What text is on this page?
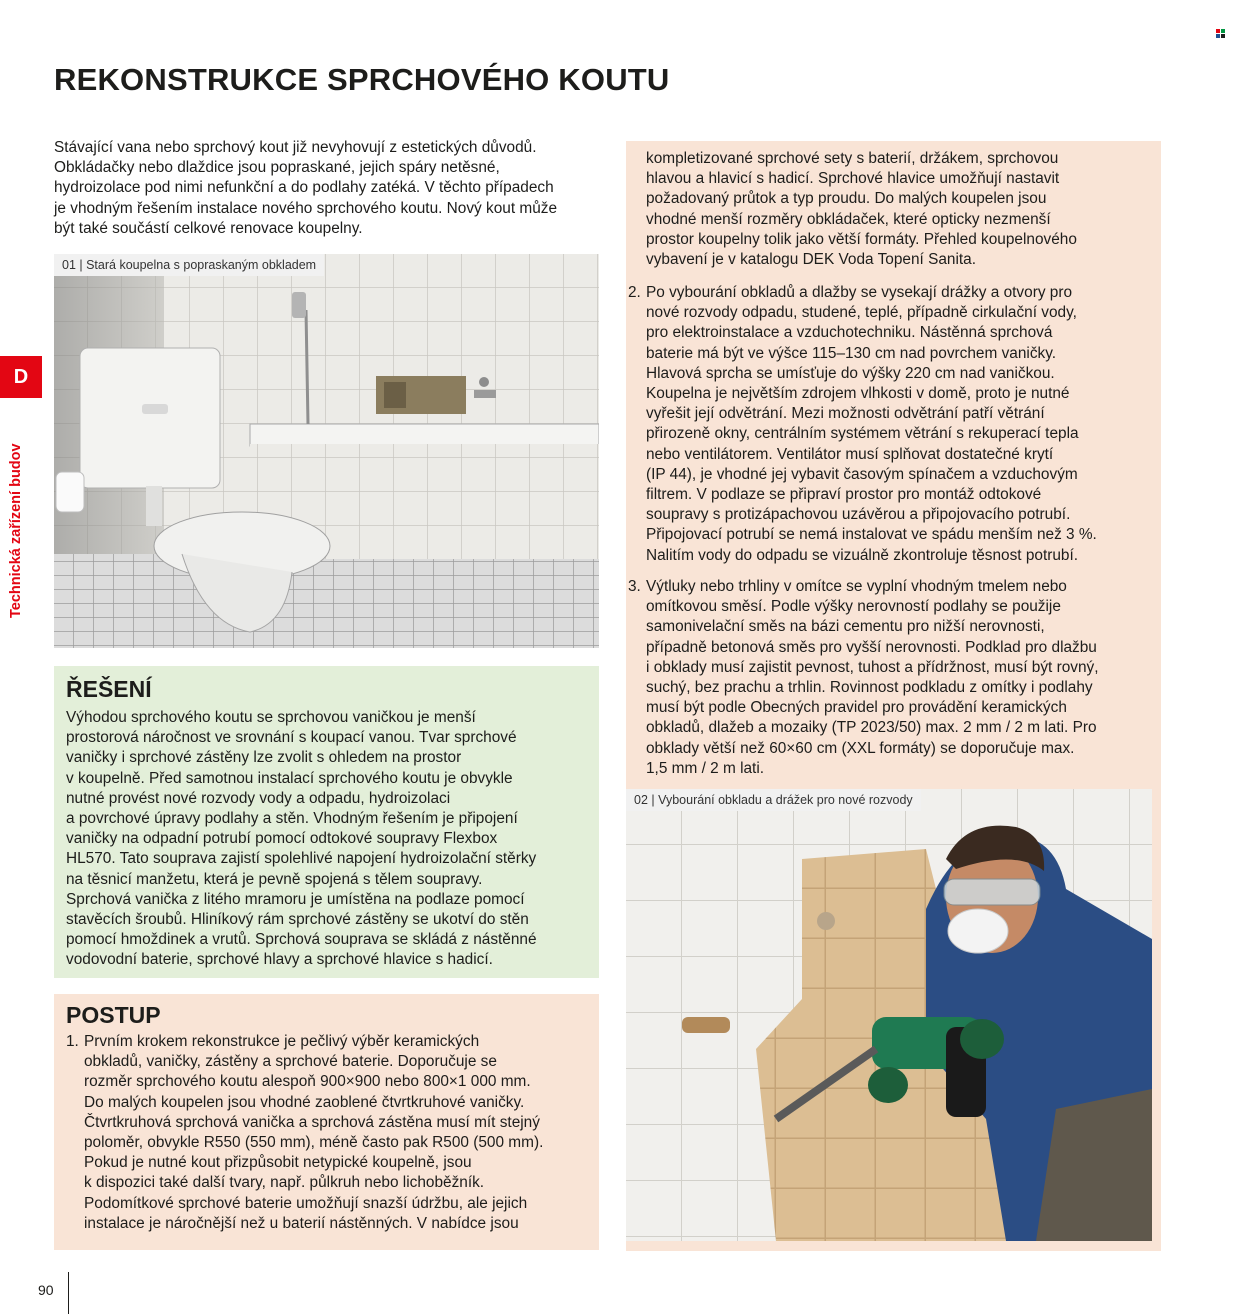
REKONSTRUKCE SPRCHOVÉHO KOUTU
D
Technická zařízení budov

Stávající vana nebo sprchový kout již nevyhovují z estetických důvodů.
Obkládačky nebo dlaždice jsou popraskané, jejich spáry netěsné,
hydroizolace pod nimi nefunkční a do podlahy zatéká. V těchto případech
je vhodným řešením instalace nového sprchového koutu. Nový kout může
být také součástí celkové renovace koupelny.

01 | Stará koupelna s popraskaným obkladem
ŘEŠENÍ
Výhodou sprchového koutu se sprchovou vaničkou je menší
prostorová náročnost ve srovnání s koupací vanou. Tvar sprchové
vaničky i sprchové zástěny lze zvolit s ohledem na prostor
v koupelně. Před samotnou instalací sprchového koutu je obvykle
nutné provést nové rozvody vody a odpadu, hydroizolaci
a povrchové úpravy podlahy a stěn. Vhodným řešením je připojení
vaničky na odpadní potrubí pomocí odtokové soupravy Flexbox
HL570. Tato souprava zajistí spolehlivé napojení hydroizolační stěrky
na těsnicí manžetu, která je pevně spojená s tělem soupravy.
Sprchová vanička z litého mramoru je umístěna na podlaze pomocí
stavěcích šroubů. Hliníkový rám sprchové zástěny se ukotví do stěn
pomocí hmoždinek a vrutů. Sprchová souprava se skládá z nástěnné
vodovodní baterie, sprchové hlavy a sprchové hlavice s hadicí.
POSTUP
1. Prvním krokem rekonstrukce je pečlivý výběr keramických
obkladů, vaničky, zástěny a sprchové baterie. Doporučuje se
rozměr sprchového koutu alespoň 900×900 nebo 800×1 000 mm.
Do malých koupelen jsou vhodné zaoblené čtvrtkruhové vaničky.
Čtvrtkruhová sprchová vanička a sprchová zástěna musí mít stejný
poloměr, obvykle R550 (550 mm), méně často pak R500 (500 mm).
Pokud je nutné kout přizpůsobit netypické koupelně, jsou
k dispozici také další tvary, např. půlkruh nebo lichoběžník.
Podomítkové sprchové baterie umožňují snazší údržbu, ale jejich
instalace je náročnější než u baterií nástěnných. V nabídce jsou
kompletizované sprchové sety s baterií, držákem, sprchovou
hlavou a hlavicí s hadicí. Sprchové hlavice umožňují nastavit
požadovaný průtok a typ proudu. Do malých koupelen jsou
vhodné menší rozměry obkládaček, které opticky nezmenší
prostor koupelny tolik jako větší formáty. Přehled koupelnového
vybavení je v katalogu DEK Voda Topení Sanita.
2. Po vybourání obkladů a dlažby se vysekají drážky a otvory pro
nové rozvody odpadu, studené, teplé, případně cirkulační vody,
pro elektroinstalace a vzduchotechniku. Nástěnná sprchová
baterie má být ve výšce 115–130 cm nad povrchem vaničky.
Hlavová sprcha se umísťuje do výšky 220 cm nad vaničkou.
Koupelna je největším zdrojem vlhkosti v domě, proto je nutné
vyřešit její odvětrání. Mezi možnosti odvětrání patří větrání
přirozeně okny, centrálním systémem větrání s rekuperací tepla
nebo ventilátorem. Ventilátor musí splňovat dostatečné krytí
(IP 44), je vhodné jej vybavit časovým spínačem a vzduchovým
filtrem. V podlaze se připraví prostor pro montáž odtokové
soupravy s protizápachovou uzávěrou a připojovacího potrubí.
Připojovací potrubí se nemá instalovat ve spádu menším než 3 %.
Nalitím vody do odpadu se vizuálně zkontroluje těsnost potrubí.
3. Výtluky nebo trhliny v omítce se vyplní vhodným tmelem nebo
omítkovou směsí. Podle výšky nerovností podlahy se použije
samonivelační směs na bázi cementu pro nižší nerovnosti,
případně betonová směs pro vyšší nerovnosti. Podklad pro dlažbu
i obklady musí zajistit pevnost, tuhost a přídržnost, musí být rovný,
suchý, bez prachu a trhlin. Rovinnost podkladu z omítky i podlahy
musí být podle Obecných pravidel pro provádění keramických
obkladů, dlažeb a mozaiky (TP 2023/50) max. 2 mm / 2 m lati. Pro
obklady větší než 60×60 cm (XXL formáty) se doporučuje max.
1,5 mm / 2 m lati.
02 | Vybourání obkladu a drážek pro nové rozvody
90
